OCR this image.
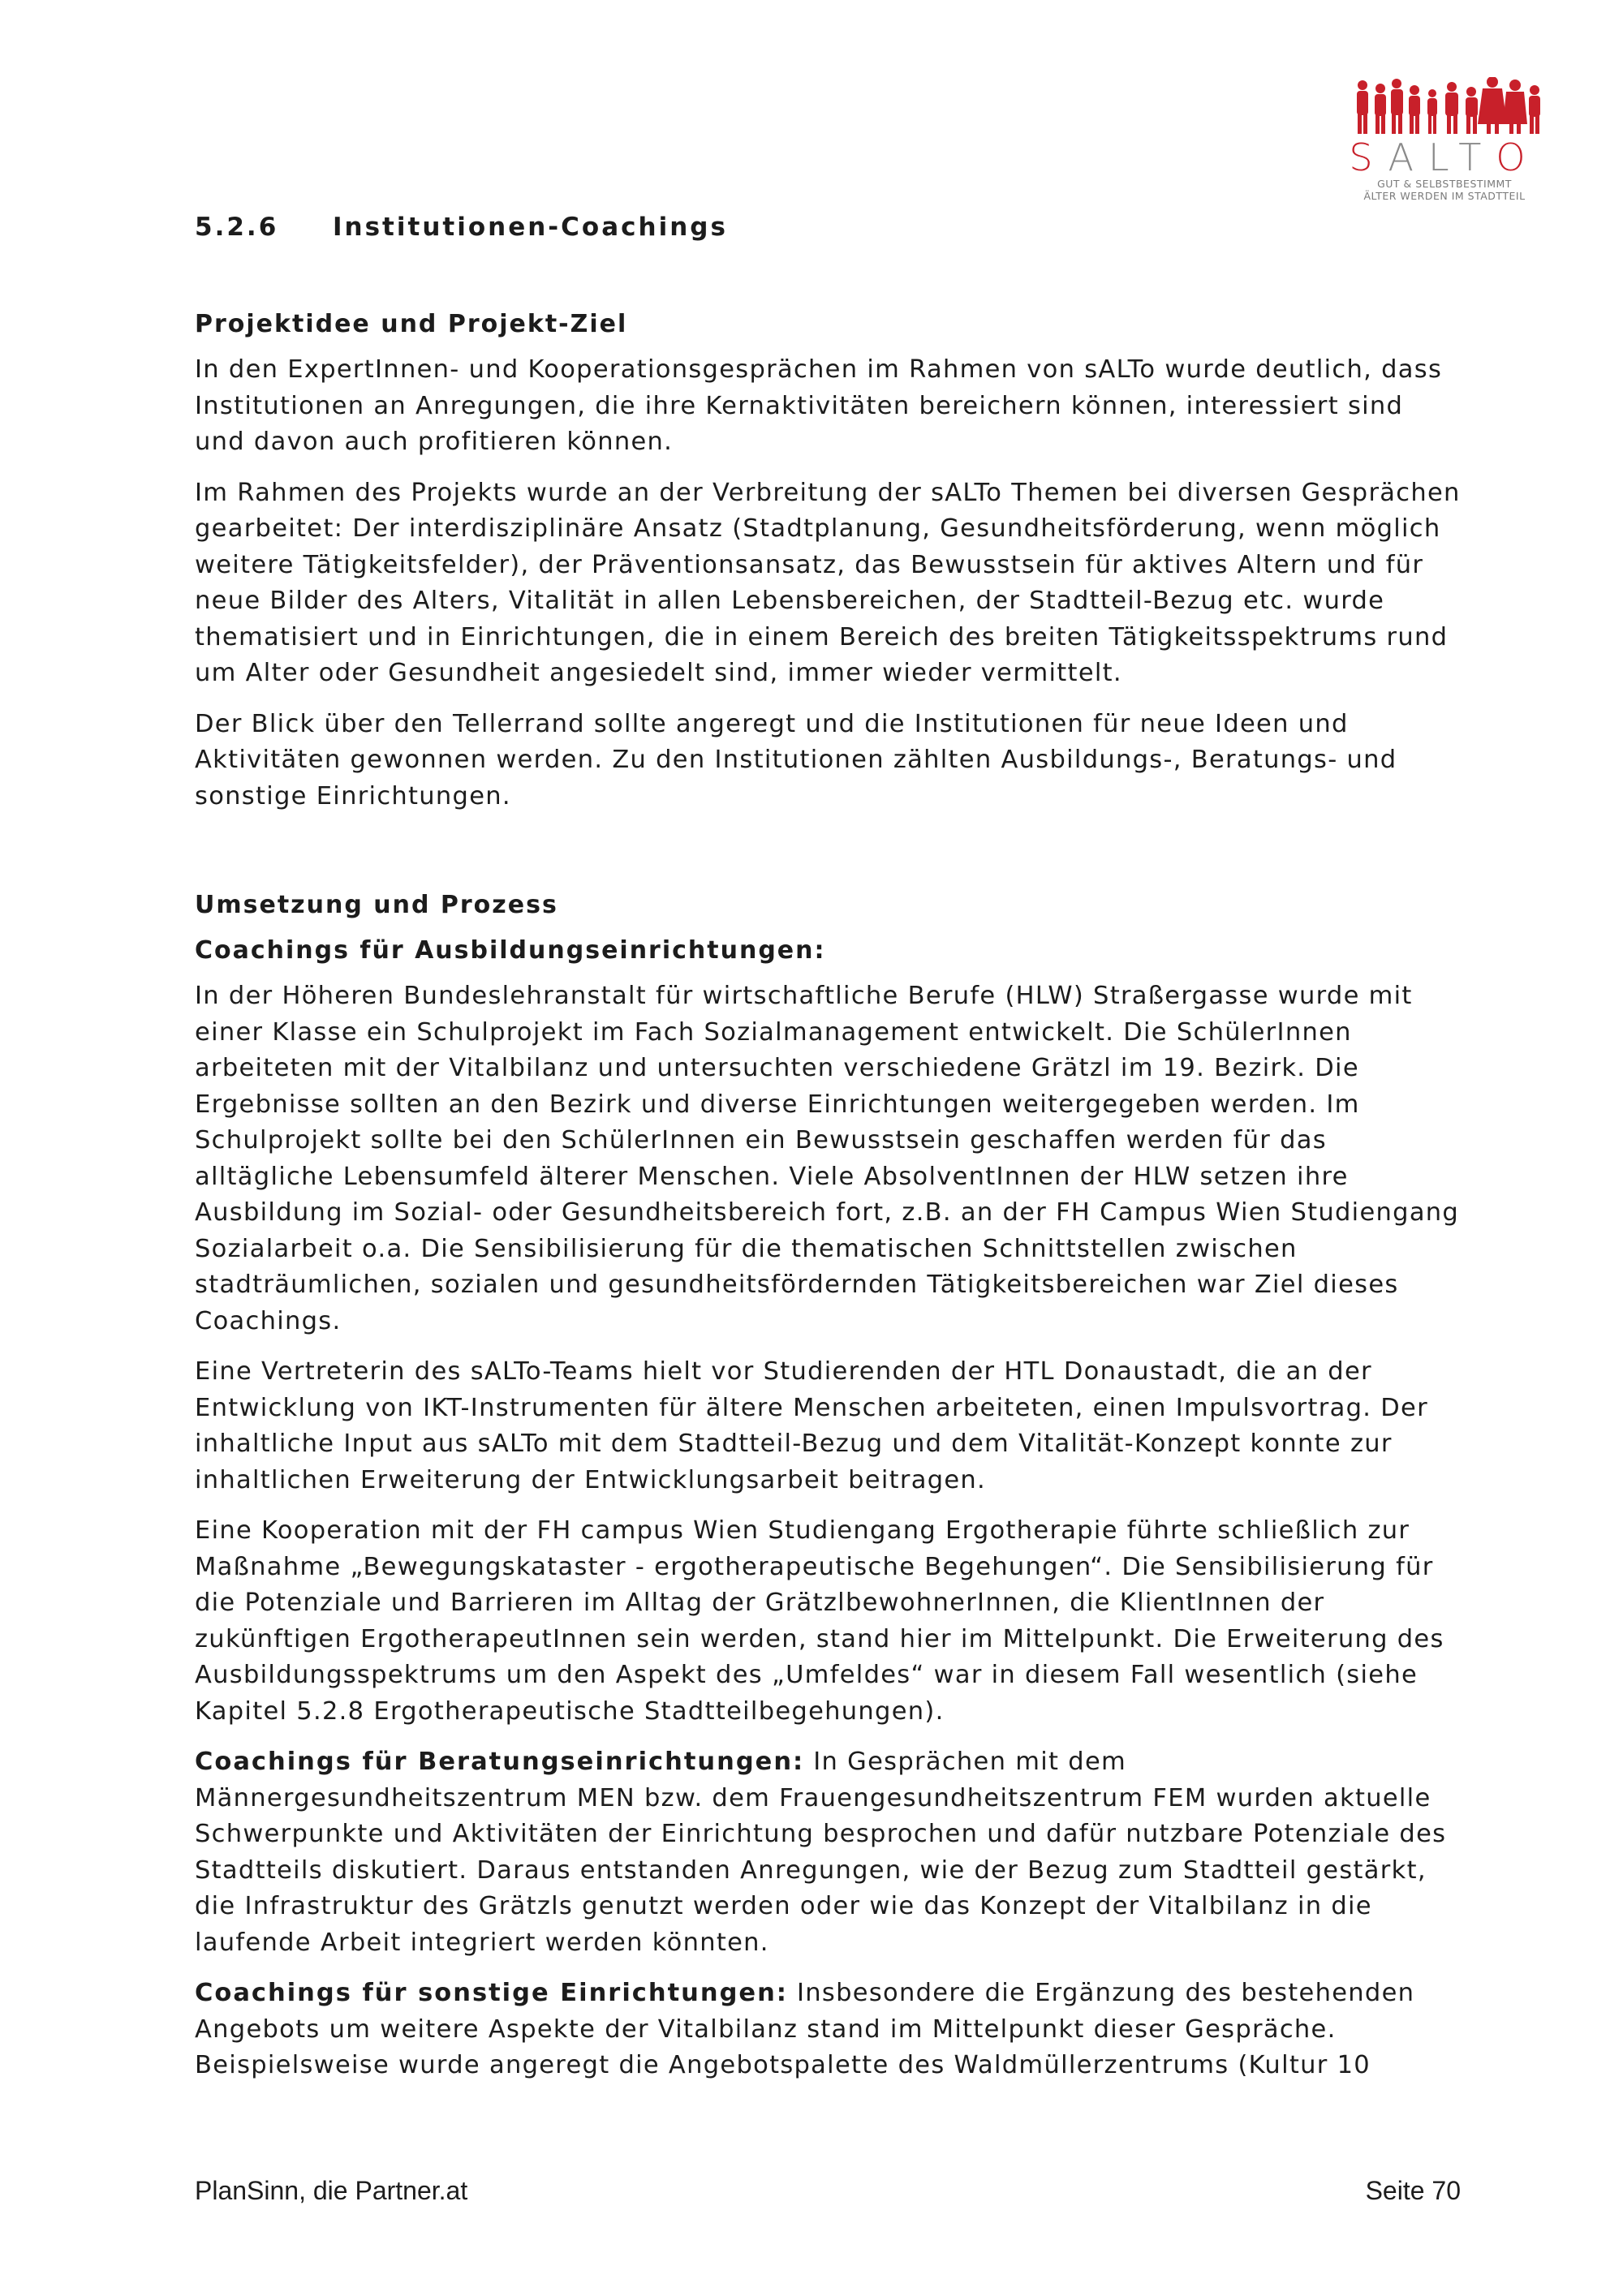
SALTO
GUT & SELBSTBESTIMMT
ÄLTER WERDEN IM STADTTEIL
5.2.6 Institutionen-Coachings
Projektidee und Projekt-Ziel

In den ExpertInnen- und Kooperationsgesprächen im Rahmen von sALTo wurde deutlich, dass Institutionen an Anregungen, die ihre Kernaktivitäten bereichern können, interessiert sind und davon auch profitieren können.

Im Rahmen des Projekts wurde an der Verbreitung der sALTo Themen bei diversen Gesprächen gearbeitet: Der interdisziplinäre Ansatz (Stadtplanung, Gesundheitsförderung, wenn möglich weitere Tätigkeitsfelder), der Präventionsansatz, das Bewusstsein für aktives Altern und für neue Bilder des Alters, Vitalität in allen Lebensbereichen, der Stadtteil-Bezug etc. wurde thematisiert und in Einrichtungen, die in einem Bereich des breiten Tätigkeitsspektrums rund um Alter oder Gesundheit angesiedelt sind, immer wieder vermittelt.

Der Blick über den Tellerrand sollte angeregt und die Institutionen für neue Ideen und Aktivitäten gewonnen werden. Zu den Institutionen zählten Ausbildungs-, Beratungs- und sonstige Einrichtungen.

Umsetzung und Prozess
Coachings für Ausbildungseinrichtungen:

In der Höheren Bundeslehranstalt für wirtschaftliche Berufe (HLW) Straßergasse wurde mit einer Klasse ein Schulprojekt im Fach Sozialmanagement entwickelt. Die SchülerInnen arbeiteten mit der Vitalbilanz und untersuchten verschiedene Grätzl im 19. Bezirk. Die Ergebnisse sollten an den Bezirk und diverse Einrichtungen weitergegeben werden. Im Schulprojekt sollte bei den SchülerInnen ein Bewusstsein geschaffen werden für das alltägliche Lebensumfeld älterer Menschen. Viele AbsolventInnen der HLW setzen ihre Ausbildung im Sozial- oder Gesundheitsbereich fort, z.B. an der FH Campus Wien Studiengang Sozialarbeit o.a. Die Sensibilisierung für die thematischen Schnittstellen zwischen stadträumlichen, sozialen und gesundheitsfördernden Tätigkeitsbereichen war Ziel dieses Coachings.

Eine Vertreterin des sALTo-Teams hielt vor Studierenden der HTL Donaustadt, die an der Entwicklung von IKT-Instrumenten für ältere Menschen arbeiteten, einen Impulsvortrag. Der inhaltliche Input aus sALTo mit dem Stadtteil-Bezug und dem Vitalität-Konzept konnte zur inhaltlichen Erweiterung der Entwicklungsarbeit beitragen.

Eine Kooperation mit der FH campus Wien Studiengang Ergotherapie führte schließlich zur Maßnahme „Bewegungskataster - ergotherapeutische Begehungen“. Die Sensibilisierung für die Potenziale und Barrieren im Alltag der GrätzlbewohnerInnen, die KlientInnen der zukünftigen ErgotherapeutInnen sein werden, stand hier im Mittelpunkt. Die Erweiterung des Ausbildungsspektrums um den Aspekt des „Umfeldes“ war in diesem Fall wesentlich (siehe Kapitel 5.2.8 Ergotherapeutische Stadtteilbegehungen).

Coachings für Beratungseinrichtungen: In Gesprächen mit dem Männergesundheitszentrum MEN bzw. dem Frauengesundheitszentrum FEM wurden aktuelle Schwerpunkte und Aktivitäten der Einrichtung besprochen und dafür nutzbare Potenziale des Stadtteils diskutiert. Daraus entstanden Anregungen, wie der Bezug zum Stadtteil gestärkt, die Infrastruktur des Grätzls genutzt werden oder wie das Konzept der Vitalbilanz in die laufende Arbeit integriert werden könnten.

Coachings für sonstige Einrichtungen: Insbesondere die Ergänzung des bestehenden Angebots um weitere Aspekte der Vitalbilanz stand im Mittelpunkt dieser Gespräche. Beispielsweise wurde angeregt die Angebotspalette des Waldmüllerzentrums (Kultur 10

PlanSinn, die Partner.at	Seite 70
